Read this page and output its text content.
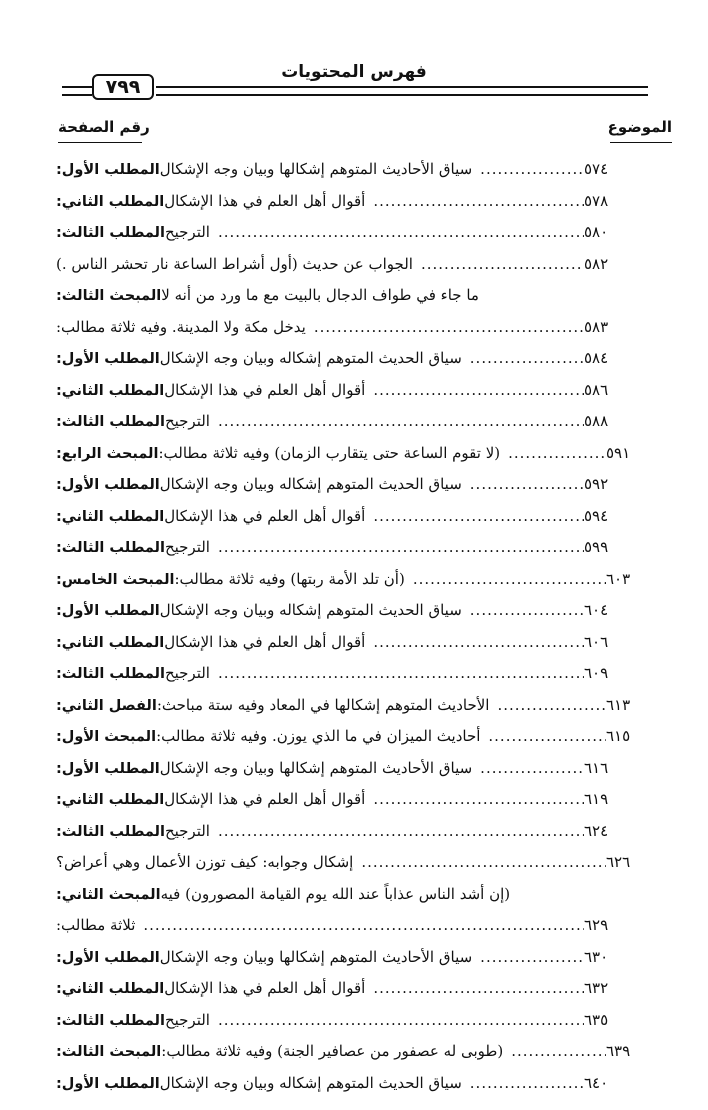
فهرس المحتويات
٧٩٩
الموضوع
رقم الصفحة
المطلب الأول: سياق الأحاديث المتوهم إشكالها وبيان وجه الإشكال .....	٥٧٤
المطلب الثاني: أقوال أهل العلم في هذا الإشكال .....	٥٧٨
المطلب الثالث: الترجيح .....	٥٨٠
الجواب عن حديث (أول أشراط الساعة نار تحشر الناس .) .....	٥٨٢
المبحث الثالث: ما جاء في طواف الدجال بالبيت مع ما ورد من أنه لا
يدخل مكة ولا المدينة. وفيه ثلاثة مطالب: .....	٥٨٣
المطلب الأول: سياق الحديث المتوهم إشكاله وبيان وجه الإشكال .....	٥٨٤
المطلب الثاني: أقوال أهل العلم في هذا الإشكال .....	٥٨٦
المطلب الثالث: الترجيح .....	٥٨٨
المبحث الرابع: (لا تقوم الساعة حتى يتقارب الزمان) وفيه ثلاثة مطالب: .....	٥٩١
المطلب الأول: سياق الحديث المتوهم إشكاله وبيان وجه الإشكال .....	٥٩٢
المطلب الثاني: أقوال أهل العلم في هذا الإشكال .....	٥٩٤
المطلب الثالث: الترجيح .....	٥٩٩
المبحث الخامس: (أن تلد الأمة ربتها) وفيه ثلاثة مطالب: .....	٦٠٣
المطلب الأول: سياق الحديث المتوهم إشكاله وبيان وجه الإشكال .....	٦٠٤
المطلب الثاني: أقوال أهل العلم في هذا الإشكال .....	٦٠٦
المطلب الثالث: الترجيح .....	٦٠٩
الفصل الثاني: الأحاديث المتوهم إشكالها في المعاد وفيه ستة مباحث: .....	٦١٣
المبحث الأول: أحاديث الميزان في ما الذي يوزن. وفيه ثلاثة مطالب: .....	٦١٥
المطلب الأول: سياق الأحاديث المتوهم إشكالها وبيان وجه الإشكال .....	٦١٦
المطلب الثاني: أقوال أهل العلم في هذا الإشكال .....	٦١٩
المطلب الثالث: الترجيح .....	٦٢٤
إشكال وجوابه: كيف توزن الأعمال وهي أعراض؟ .....	٦٢٦
المبحث الثاني: (إن أشد الناس عذاباً عند الله يوم القيامة المصورون) فيه
ثلاثة مطالب: .....	٦٢٩
المطلب الأول: سياق الأحاديث المتوهم إشكالها وبيان وجه الإشكال .....	٦٣٠
المطلب الثاني: أقوال أهل العلم في هذا الإشكال .....	٦٣٢
المطلب الثالث: الترجيح .....	٦٣٥
المبحث الثالث: (طوبى له عصفور من عصافير الجنة) وفيه ثلاثة مطالب: .....	٦٣٩
المطلب الأول: سياق الحديث المتوهم إشكاله وبيان وجه الإشكال .....	٦٤٠
